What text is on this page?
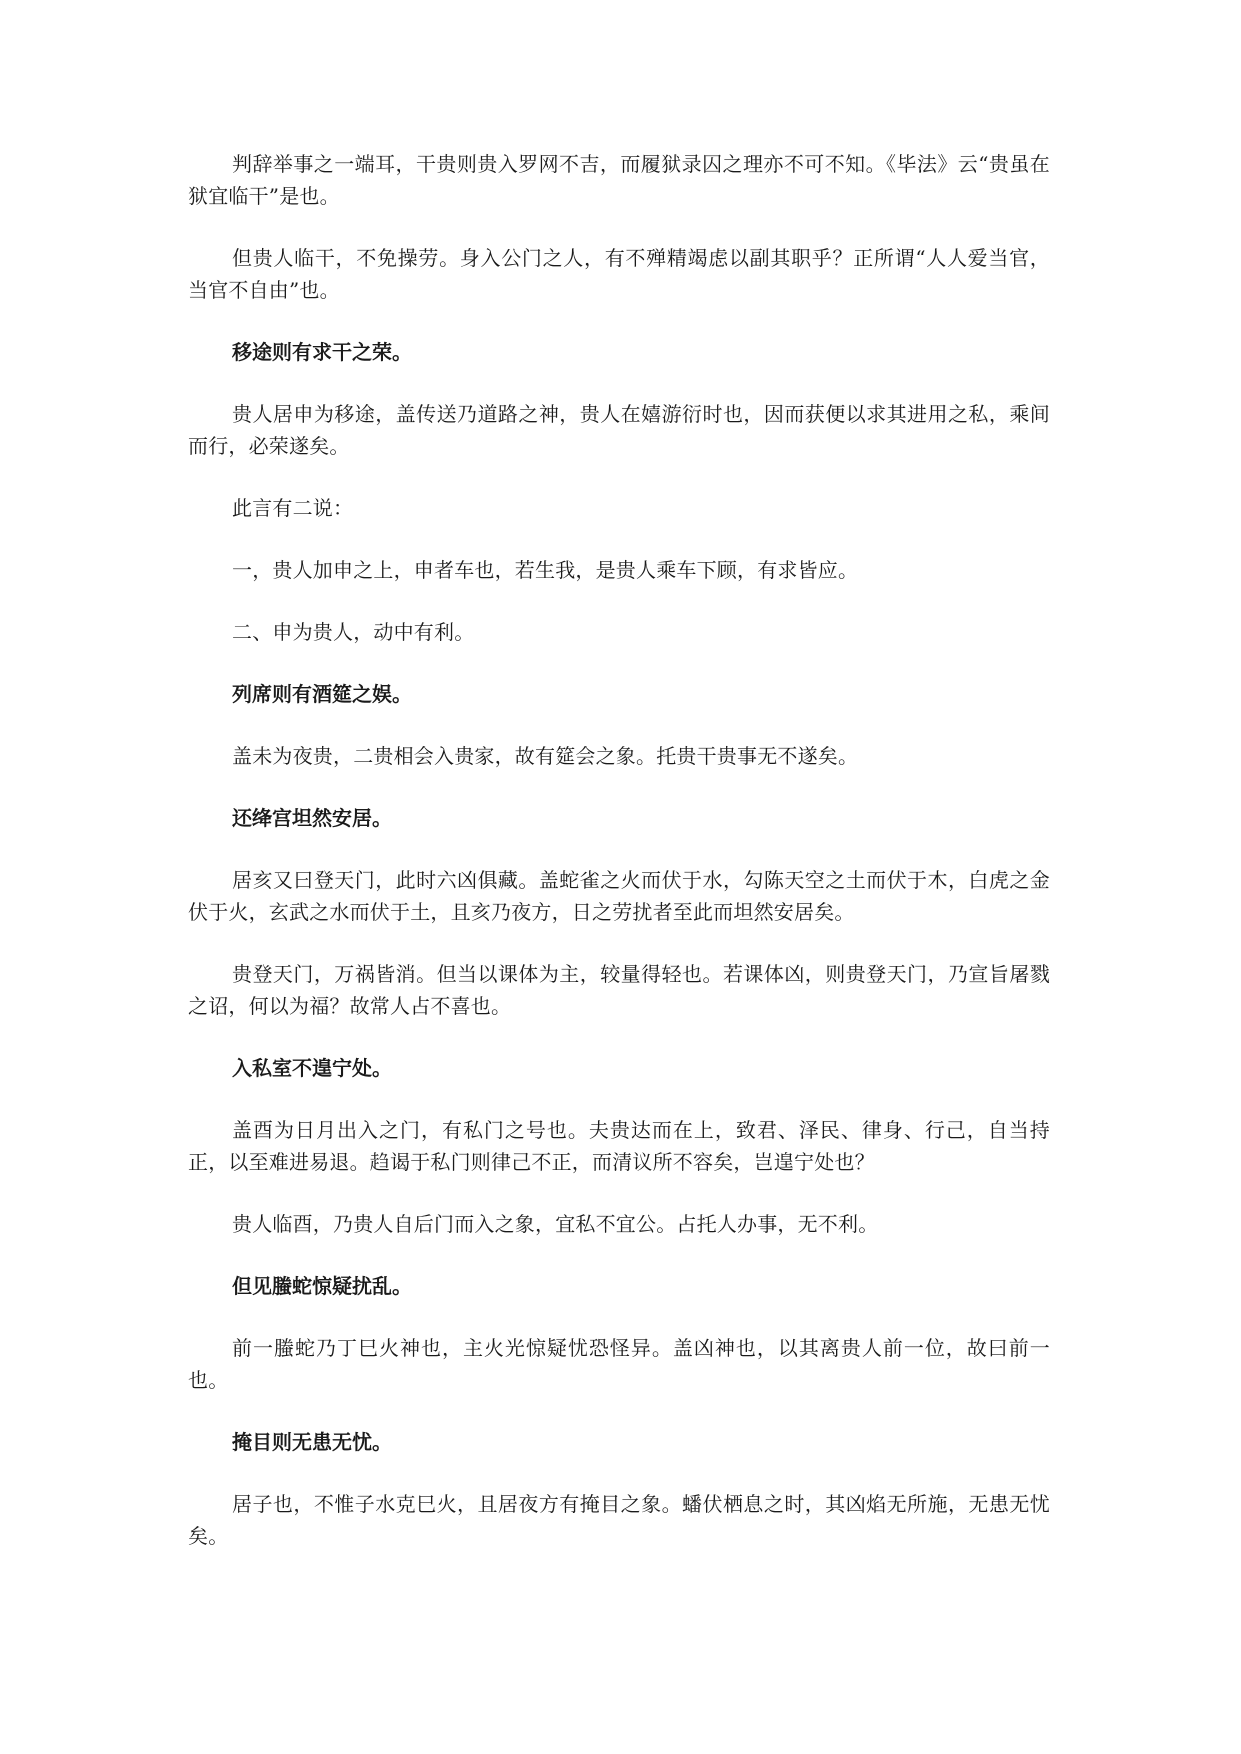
判辞举事之一端耳，干贵则贵入罗网不吉，而履狱录囚之理亦不可不知。《毕法》云“贵虽在狱宜临干”是也。

但贵人临干，不免操劳。身入公门之人，有不殚精竭虑以副其职乎？正所谓“人人爱当官，当官不自由”也。

移途则有求干之荣。

贵人居申为移途，盖传送乃道路之神，贵人在嬉游衍时也，因而获便以求其进用之私，乘间而行，必荣遂矣。

此言有二说：

一，贵人加申之上，申者车也，若生我，是贵人乘车下顾，有求皆应。

二、申为贵人，动中有利。

列席则有酒筵之娱。

盖未为夜贵，二贵相会入贵家，故有筵会之象。托贵干贵事无不遂矣。

还绛宫坦然安居。

居亥又曰登天门，此时六凶俱藏。盖蛇雀之火而伏于水，勾陈天空之土而伏于木，白虎之金伏于火，玄武之水而伏于土，且亥乃夜方，日之劳扰者至此而坦然安居矣。

贵登天门，万祸皆消。但当以课体为主，较量得轻也。若课体凶，则贵登天门，乃宣旨屠戮之诏，何以为福？故常人占不喜也。

入私室不遑宁处。

盖酉为日月出入之门，有私门之号也。夫贵达而在上，致君、泽民、律身、行己，自当持正，以至难进易退。趋谒于私门则律己不正，而清议所不容矣，岂遑宁处也？

贵人临酉，乃贵人自后门而入之象，宜私不宜公。占托人办事，无不利。

但见螣蛇惊疑扰乱。

前一螣蛇乃丁巳火神也，主火光惊疑忧恐怪异。盖凶神也，以其离贵人前一位，故曰前一也。

掩目则无患无忧。

居子也，不惟子水克巳火，且居夜方有掩目之象。蟠伏栖息之时，其凶焰无所施，无患无忧矣。
